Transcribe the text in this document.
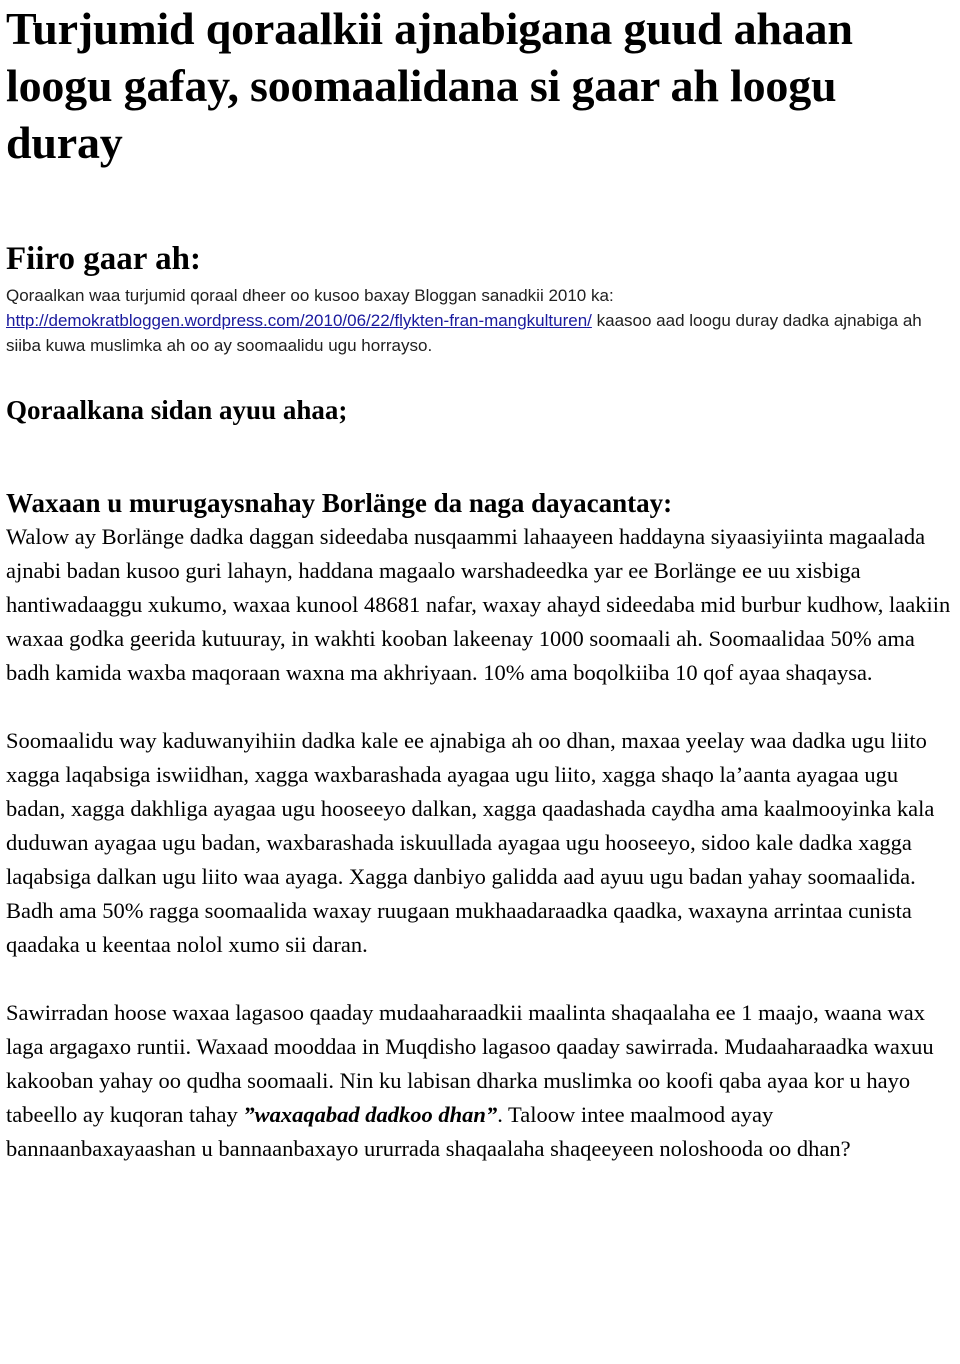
Turjumid qoraalkii ajnabigana guud ahaan loogu gafay, soomaalidana si gaar ah loogu duray
Fiiro gaar ah:

Qoraalkan waa turjumid qoraal dheer oo kusoo baxay Bloggan sanadkii 2010 ka:
http://demokratbloggen.wordpress.com/2010/06/22/flykten-fran-mangkulturen/ kaasoo aad loogu duray dadka ajnabiga ah siiba kuwa muslimka ah oo ay soomaalidu ugu horrayso.

Qoraalkana sidan ayuu ahaa;
Waxaan u murugaysnahay Borlänge da naga dayacantay:

Walow ay Borlänge dadka daggan sideedaba nusqaammi lahaayeen haddayna siyaasiyiinta magaalada ajnabi badan kusoo guri lahayn, haddana magaalo warshadeedka yar ee Borlänge ee uu xisbiga hantiwadaaggu xukumo, waxaa kunool 48681 nafar, waxay ahayd sideedaba mid burbur kudhow, laakiin waxaa godka geerida kutuuray, in wakhti kooban lakeenay 1000 soomaali ah. Soomaalidaa 50% ama badh kamida waxba maqoraan waxna ma akhriyaan. 10% ama boqolkiiba 10 qof ayaa shaqaysa.

Soomaalidu way kaduwanyihiin dadka kale ee ajnabiga ah oo dhan, maxaa yeelay waa dadka ugu liito xagga laqabsiga iswiidhan, xagga waxbarashada ayagaa ugu liito, xagga shaqo la’aanta ayagaa ugu badan, xagga dakhliga ayagaa ugu hooseeyo dalkan, xagga qaadashada caydha ama kaalmooyinka kala duduwan ayagaa ugu badan, waxbarashada iskuullada ayagaa ugu hooseeyo, sidoo kale dadka xagga laqabsiga dalkan ugu liito waa ayaga. Xagga danbiyo galidda aad ayuu ugu badan yahay soomaalida. Badh ama 50% ragga soomaalida waxay ruugaan mukhaadaraadka qaadka, waxayna arrintaa cunista qaadaka u keentaa nolol xumo sii daran.

Sawirradan hoose waxaa lagasoo qaaday mudaaharaadkii maalinta shaqaalaha ee 1 maajo, waana wax laga argagaxo runtii. Waxaad mooddaa in Muqdisho lagasoo qaaday sawirrada. Mudaaharaadka waxuu kakooban yahay oo qudha soomaali. Nin ku labisan dharka muslimka oo koofi qaba ayaa kor u hayo tabeello ay kuqoran tahay ”waxaqabad dadkoo dhan”. Taloow intee maalmood ayay bannaanbaxayaashan u bannaanbaxayo ururrada shaqaalaha shaqeeyeen noloshooda oo dhan?
